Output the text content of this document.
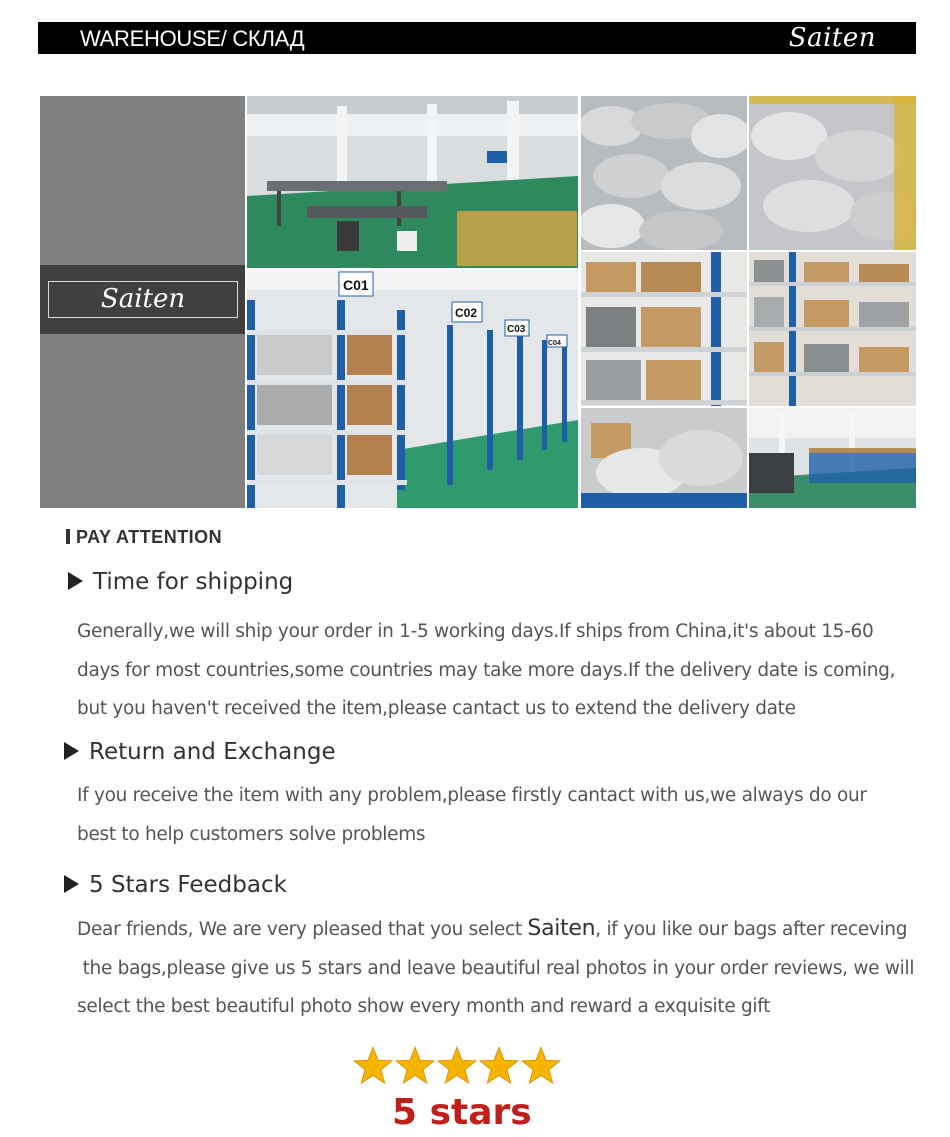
WAREHOUSE/ СКЛАД	Saiten
Saiten	C01
C02
C03
C04
PAY ATTENTION
Time for shipping
Generally,we will ship your order in 1-5 working days.If ships from China,it's about 15-60
days for most countries,some countries may take more days.If the delivery date is coming,
but you haven't received the item,please cantact us to extend the delivery date
Return and Exchange
If you receive the item with any problem,please firstly cantact with us,we always do our
best to help customers solve problems
5 Stars Feedback
Dear friends, We are very pleased that you select Saiten, if you like our bags after receving
the bags,please give us 5 stars and leave beautiful real photos in your order reviews, we will
select the best beautiful photo show every month and reward a exquisite gift
5 stars
